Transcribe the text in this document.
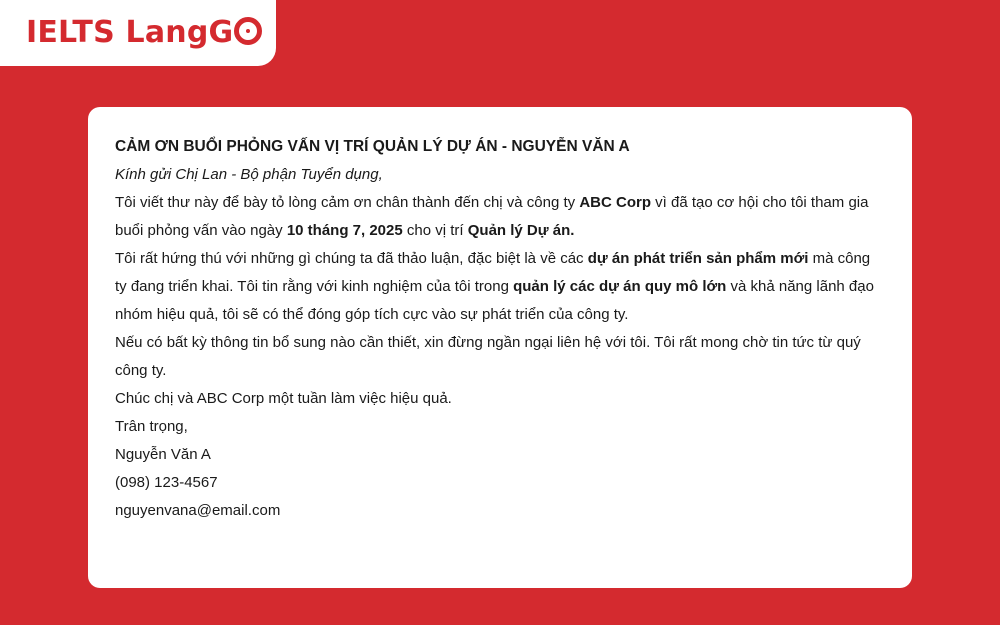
IELTS LangG

CẢM ƠN BUỔI PHỎNG VẤN VỊ TRÍ QUẢN LÝ DỰ ÁN - NGUYỄN VĂN A

Kính gửi Chị Lan - Bộ phận Tuyển dụng,

Tôi viết thư này để bày tỏ lòng cảm ơn chân thành đến chị và công ty ABC Corp vì đã tạo cơ hội cho tôi tham gia buổi phỏng vấn vào ngày 10 tháng 7, 2025 cho vị trí Quản lý Dự án.

Tôi rất hứng thú với những gì chúng ta đã thảo luận, đặc biệt là về các dự án phát triển sản phẩm mới mà công ty đang triển khai. Tôi tin rằng với kinh nghiệm của tôi trong quản lý các dự án quy mô lớn và khả năng lãnh đạo nhóm hiệu quả, tôi sẽ có thể đóng góp tích cực vào sự phát triển của công ty.

Nếu có bất kỳ thông tin bổ sung nào cần thiết, xin đừng ngần ngại liên hệ với tôi. Tôi rất mong chờ tin tức từ quý công ty.

Chúc chị và ABC Corp một tuần làm việc hiệu quả.

Trân trọng,

Nguyễn Văn A

(098) 123-4567

nguyenvana@email.com
